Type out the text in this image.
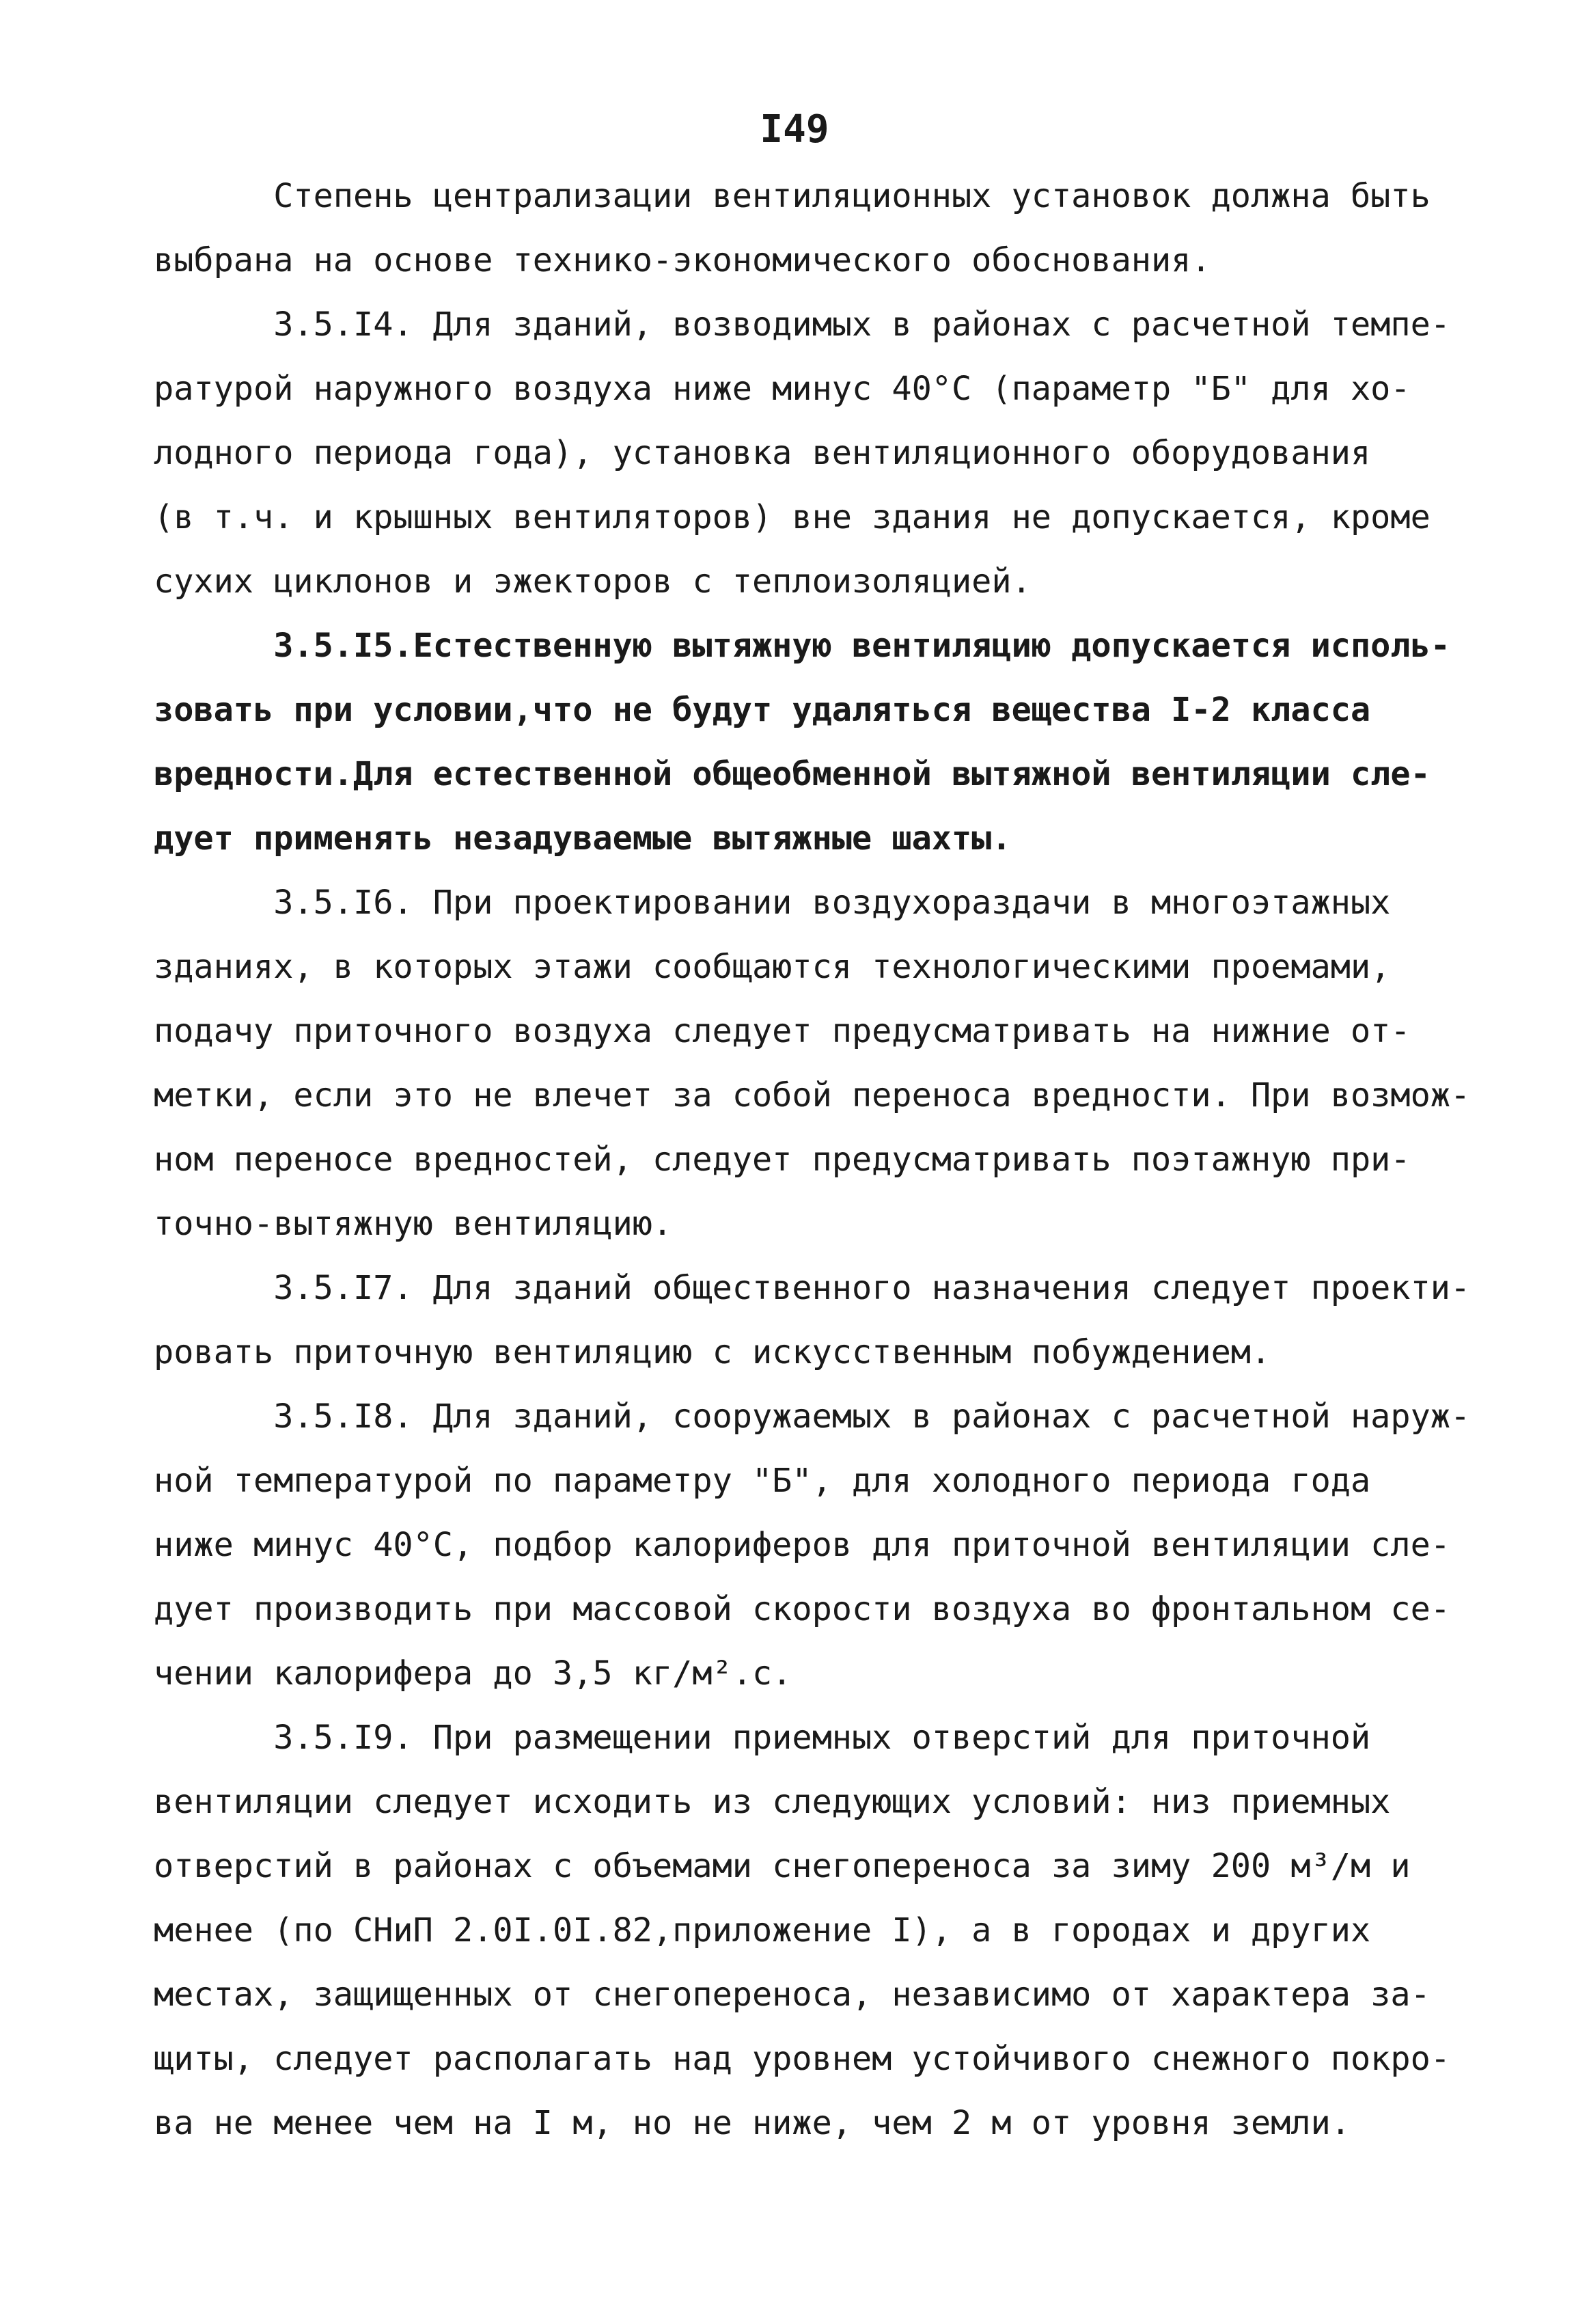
I49
Степень централизации вентиляционных установок должна быть
выбрана на основе технико-экономического обоснования.
3.5.I4. Для зданий, возводимых в районах с расчетной темпе-
ратурой наружного воздуха ниже минус 40°С (параметр "Б" для хо-
лодного периода года), установка вентиляционного оборудования
(в т.ч. и крышных вентиляторов) вне здания не допускается, кроме
сухих циклонов и эжекторов с теплоизоляцией.
3.5.I5.Естественную вытяжную вентиляцию допускается исполь-
зовать при условии,что не будут удаляться вещества I-2 класса
вредности.Для естественной общеобменной вытяжной вентиляции сле-
дует применять незадуваемые вытяжные шахты.
3.5.I6. При проектировании воздухораздачи в многоэтажных
зданиях, в которых этажи сообщаются технологическими проемами,
подачу приточного воздуха следует предусматривать на нижние от-
метки, если это не влечет за собой переноса вредности. При возмож-
ном переносе вредностей, следует предусматривать поэтажную при-
точно-вытяжную вентиляцию.
3.5.I7. Для зданий общественного назначения следует проекти-
ровать приточную вентиляцию с искусственным побуждением.
3.5.I8. Для зданий, сооружаемых в районах с расчетной наруж-
ной температурой по параметру "Б", для холодного периода года
ниже минус 40°С, подбор калориферов для приточной вентиляции сле-
дует производить при массовой скорости воздуха во фронтальном се-
чении калорифера до 3,5 кг/м².с.
3.5.I9. При размещении приемных отверстий для приточной
вентиляции следует исходить из следующих условий: низ приемных
отверстий в районах с объемами снегопереноса за зиму 200 м³/м и
менее (по СНиП 2.0I.0I.82,приложение I), а в городах и других
местах, защищенных от снегопереноса, независимо от характера за-
щиты, следует располагать над уровнем устойчивого снежного покро-
ва не менее чем на I м, но не ниже, чем 2 м от уровня земли.
